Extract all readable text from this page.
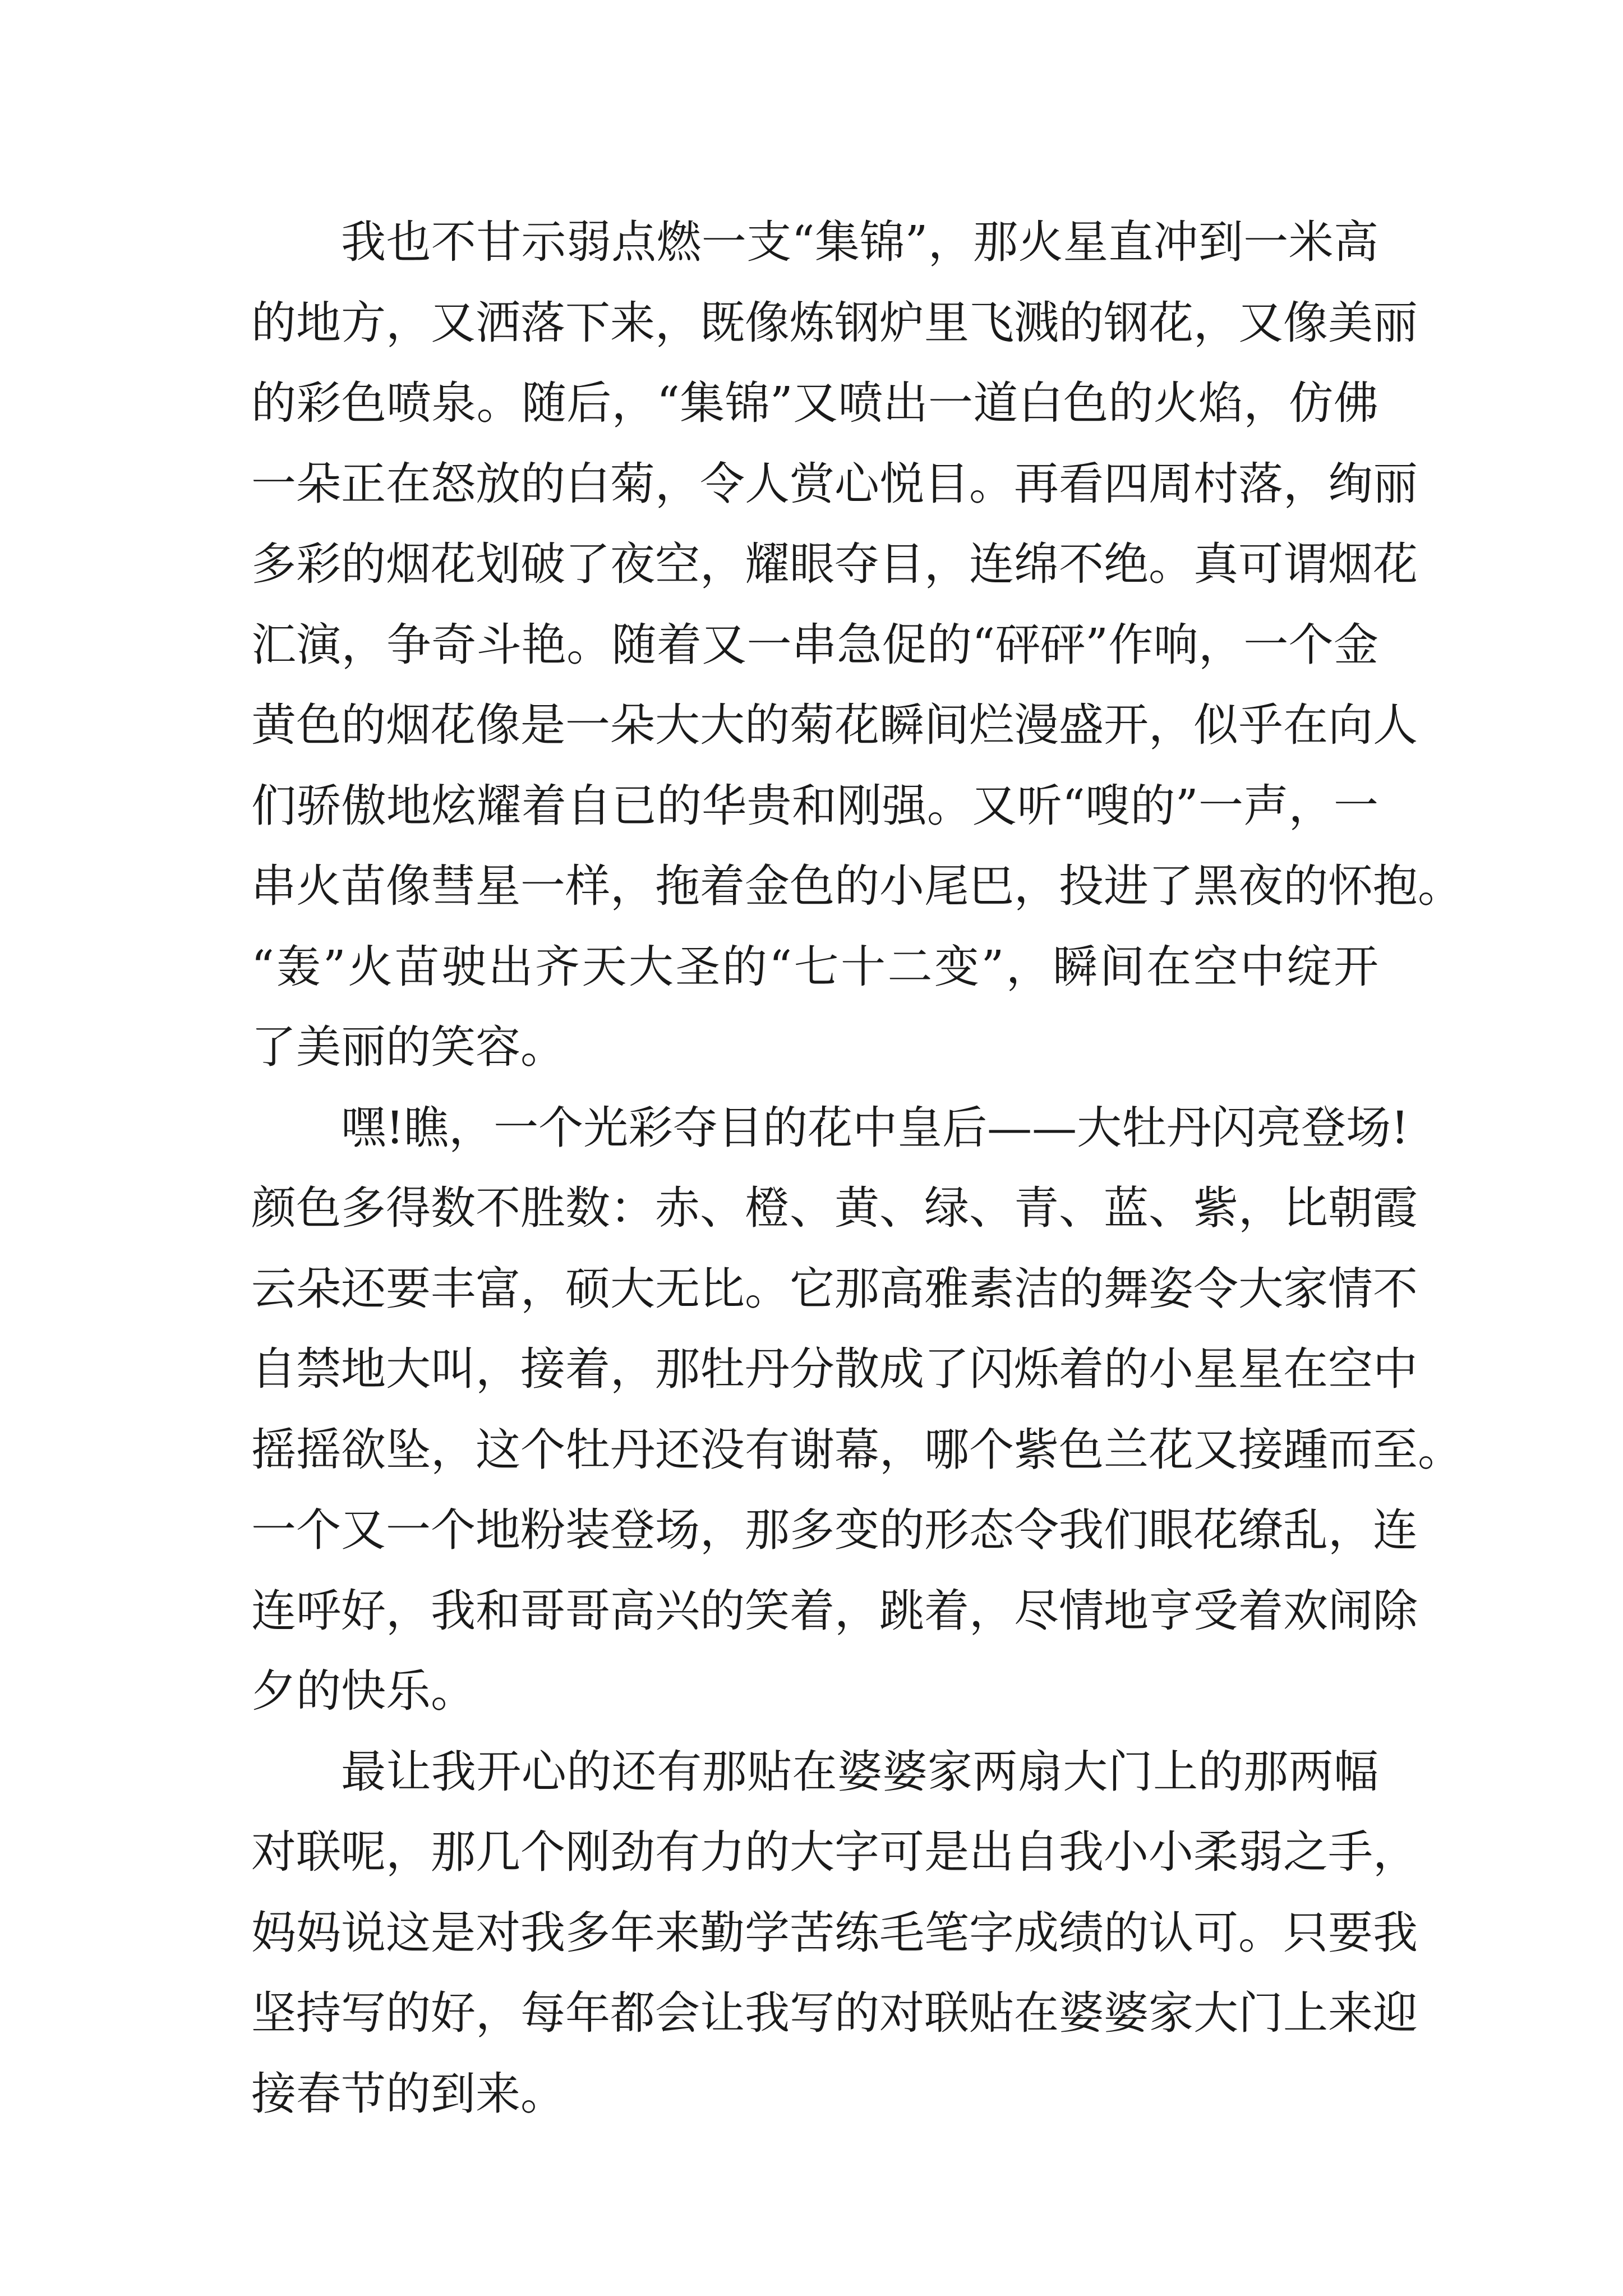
我也不甘示弱点燃一支“集锦”，那火星直冲到一米高
的地方，又洒落下来，既像炼钢炉里飞溅的钢花，又像美丽
的彩色喷泉。随后，“集锦”又喷出一道白色的火焰，仿佛
一朵正在怒放的白菊，令人赏心悦目。再看四周村落，绚丽
多彩的烟花划破了夜空，耀眼夺目，连绵不绝。真可谓烟花
汇演，争奇斗艳。随着又一串急促的“砰砰”作响，一个金
黄色的烟花像是一朵大大的菊花瞬间烂漫盛开，似乎在向人
们骄傲地炫耀着自已的华贵和刚强。又听“嗖的”一声，一
串火苗像彗星一样，拖着金色的小尾巴，投进了黑夜的怀抱。
“轰”火苗驶出齐天大圣的“七十二变”，瞬间在空中绽开
了美丽的笑容。
嘿!瞧，一个光彩夺目的花中皇后——大牡丹闪亮登场!
颜色多得数不胜数：赤、橙、黄、绿、青、蓝、紫，比朝霞
云朵还要丰富，硕大无比。它那高雅素洁的舞姿令大家情不
自禁地大叫，接着，那牡丹分散成了闪烁着的小星星在空中
摇摇欲坠，这个牡丹还没有谢幕，哪个紫色兰花又接踵而至。
一个又一个地粉装登场，那多变的形态令我们眼花缭乱，连
连呼好，我和哥哥高兴的笑着，跳着，尽情地亨受着欢闹除
夕的快乐。
最让我开心的还有那贴在婆婆家两扇大门上的那两幅
对联呢，那几个刚劲有力的大字可是出自我小小柔弱之手，
妈妈说这是对我多年来勤学苦练毛笔字成绩的认可。只要我
坚持写的好，每年都会让我写的对联贴在婆婆家大门上来迎
接春节的到来。
